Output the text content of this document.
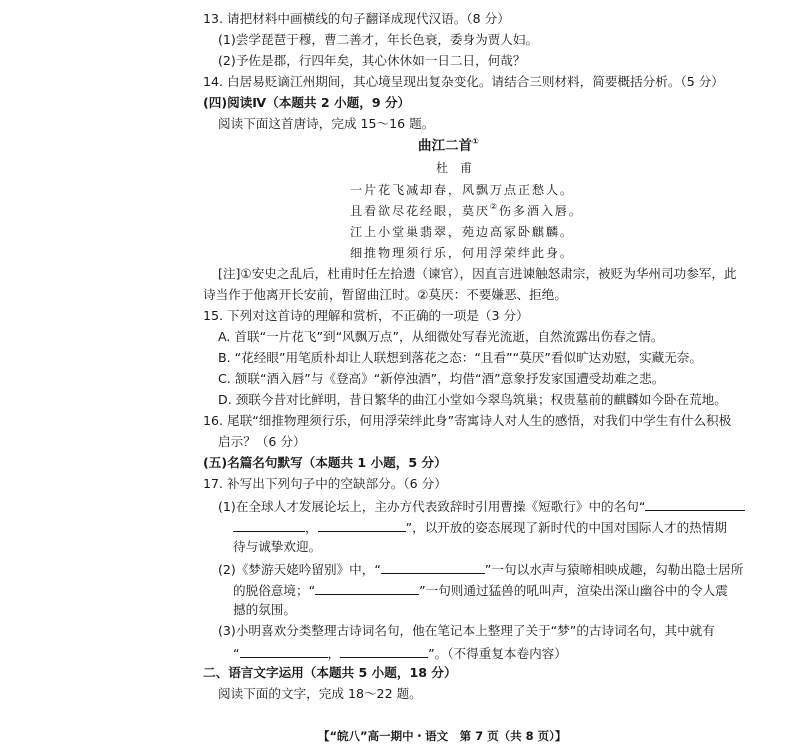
13. 请把材料中画横线的句子翻译成现代汉语。（8 分）
(1)尝学琵琶于穆，曹二善才，年长色衰，委身为贾人妇。
(2)予佐是郡，行四年矣，其心休休如一日二日，何哉？
14. 白居易贬谪江州期间，其心境呈现出复杂变化。请结合三则材料，简要概括分析。（5 分）
(四)阅读Ⅳ（本题共 2 小题，9 分）
阅读下面这首唐诗，完成 15～16 题。
曲江二首①
杜　甫
一片花飞减却春，风飘万点正愁人。
且看欲尽花经眼，莫厌②伤多酒入唇。
江上小堂巢翡翠，苑边高冢卧麒麟。
细推物理须行乐，何用浮荣绊此身。
[注]①安史之乱后，杜甫时任左拾遗（谏官），因直言进谏触怒肃宗，被贬为华州司功参军，此
诗当作于他离开长安前，暂留曲江时。②莫厌：不要嫌恶、拒绝。
15. 下列对这首诗的理解和赏析，不正确的一项是（3 分）
A. 首联“一片花飞”到“风飘万点”，从细微处写春光流逝，自然流露出伤春之情。
B. “花经眼”用笔质朴却让人联想到落花之态：“且看”“莫厌”看似旷达劝慰，实藏无奈。
C. 颔联“酒入唇”与《登高》“新停浊酒”，均借“酒”意象抒发家国遭受劫难之悲。
D. 颈联今昔对比鲜明，昔日繁华的曲江小堂如今翠鸟筑巢；权贵墓前的麒麟如今卧在荒地。
16. 尾联“细推物理须行乐，何用浮荣绊此身”寄寓诗人对人生的感悟，对我们中学生有什么积极
启示？（6 分）
(五)名篇名句默写（本题共 1 小题，5 分）
17. 补写出下列句子中的空缺部分。（6 分）
(1)在全球人才发展论坛上，主办方代表致辞时引用曹操《短歌行》中的名句“
，	”，以开放的姿态展现了新时代的中国对国际人才的热情期
待与诚挚欢迎。
(2)《梦游天姥吟留别》中，“	”一句以水声与猿啼相映成趣，勾勒出隐士居所
的脱俗意境；“	”一句则通过猛兽的吼叫声，渲染出深山幽谷中的令人震
撼的氛围。
(3)小明喜欢分类整理古诗词名句，他在笔记本上整理了关于“梦”的古诗词名句，其中就有
“	，	”。（不得重复本卷内容）
二、语言文字运用（本题共 5 小题，18 分）
阅读下面的文字，完成 18～22 题。
【“皖八”高一期中・语文　第 7 页（共 8 页）】
